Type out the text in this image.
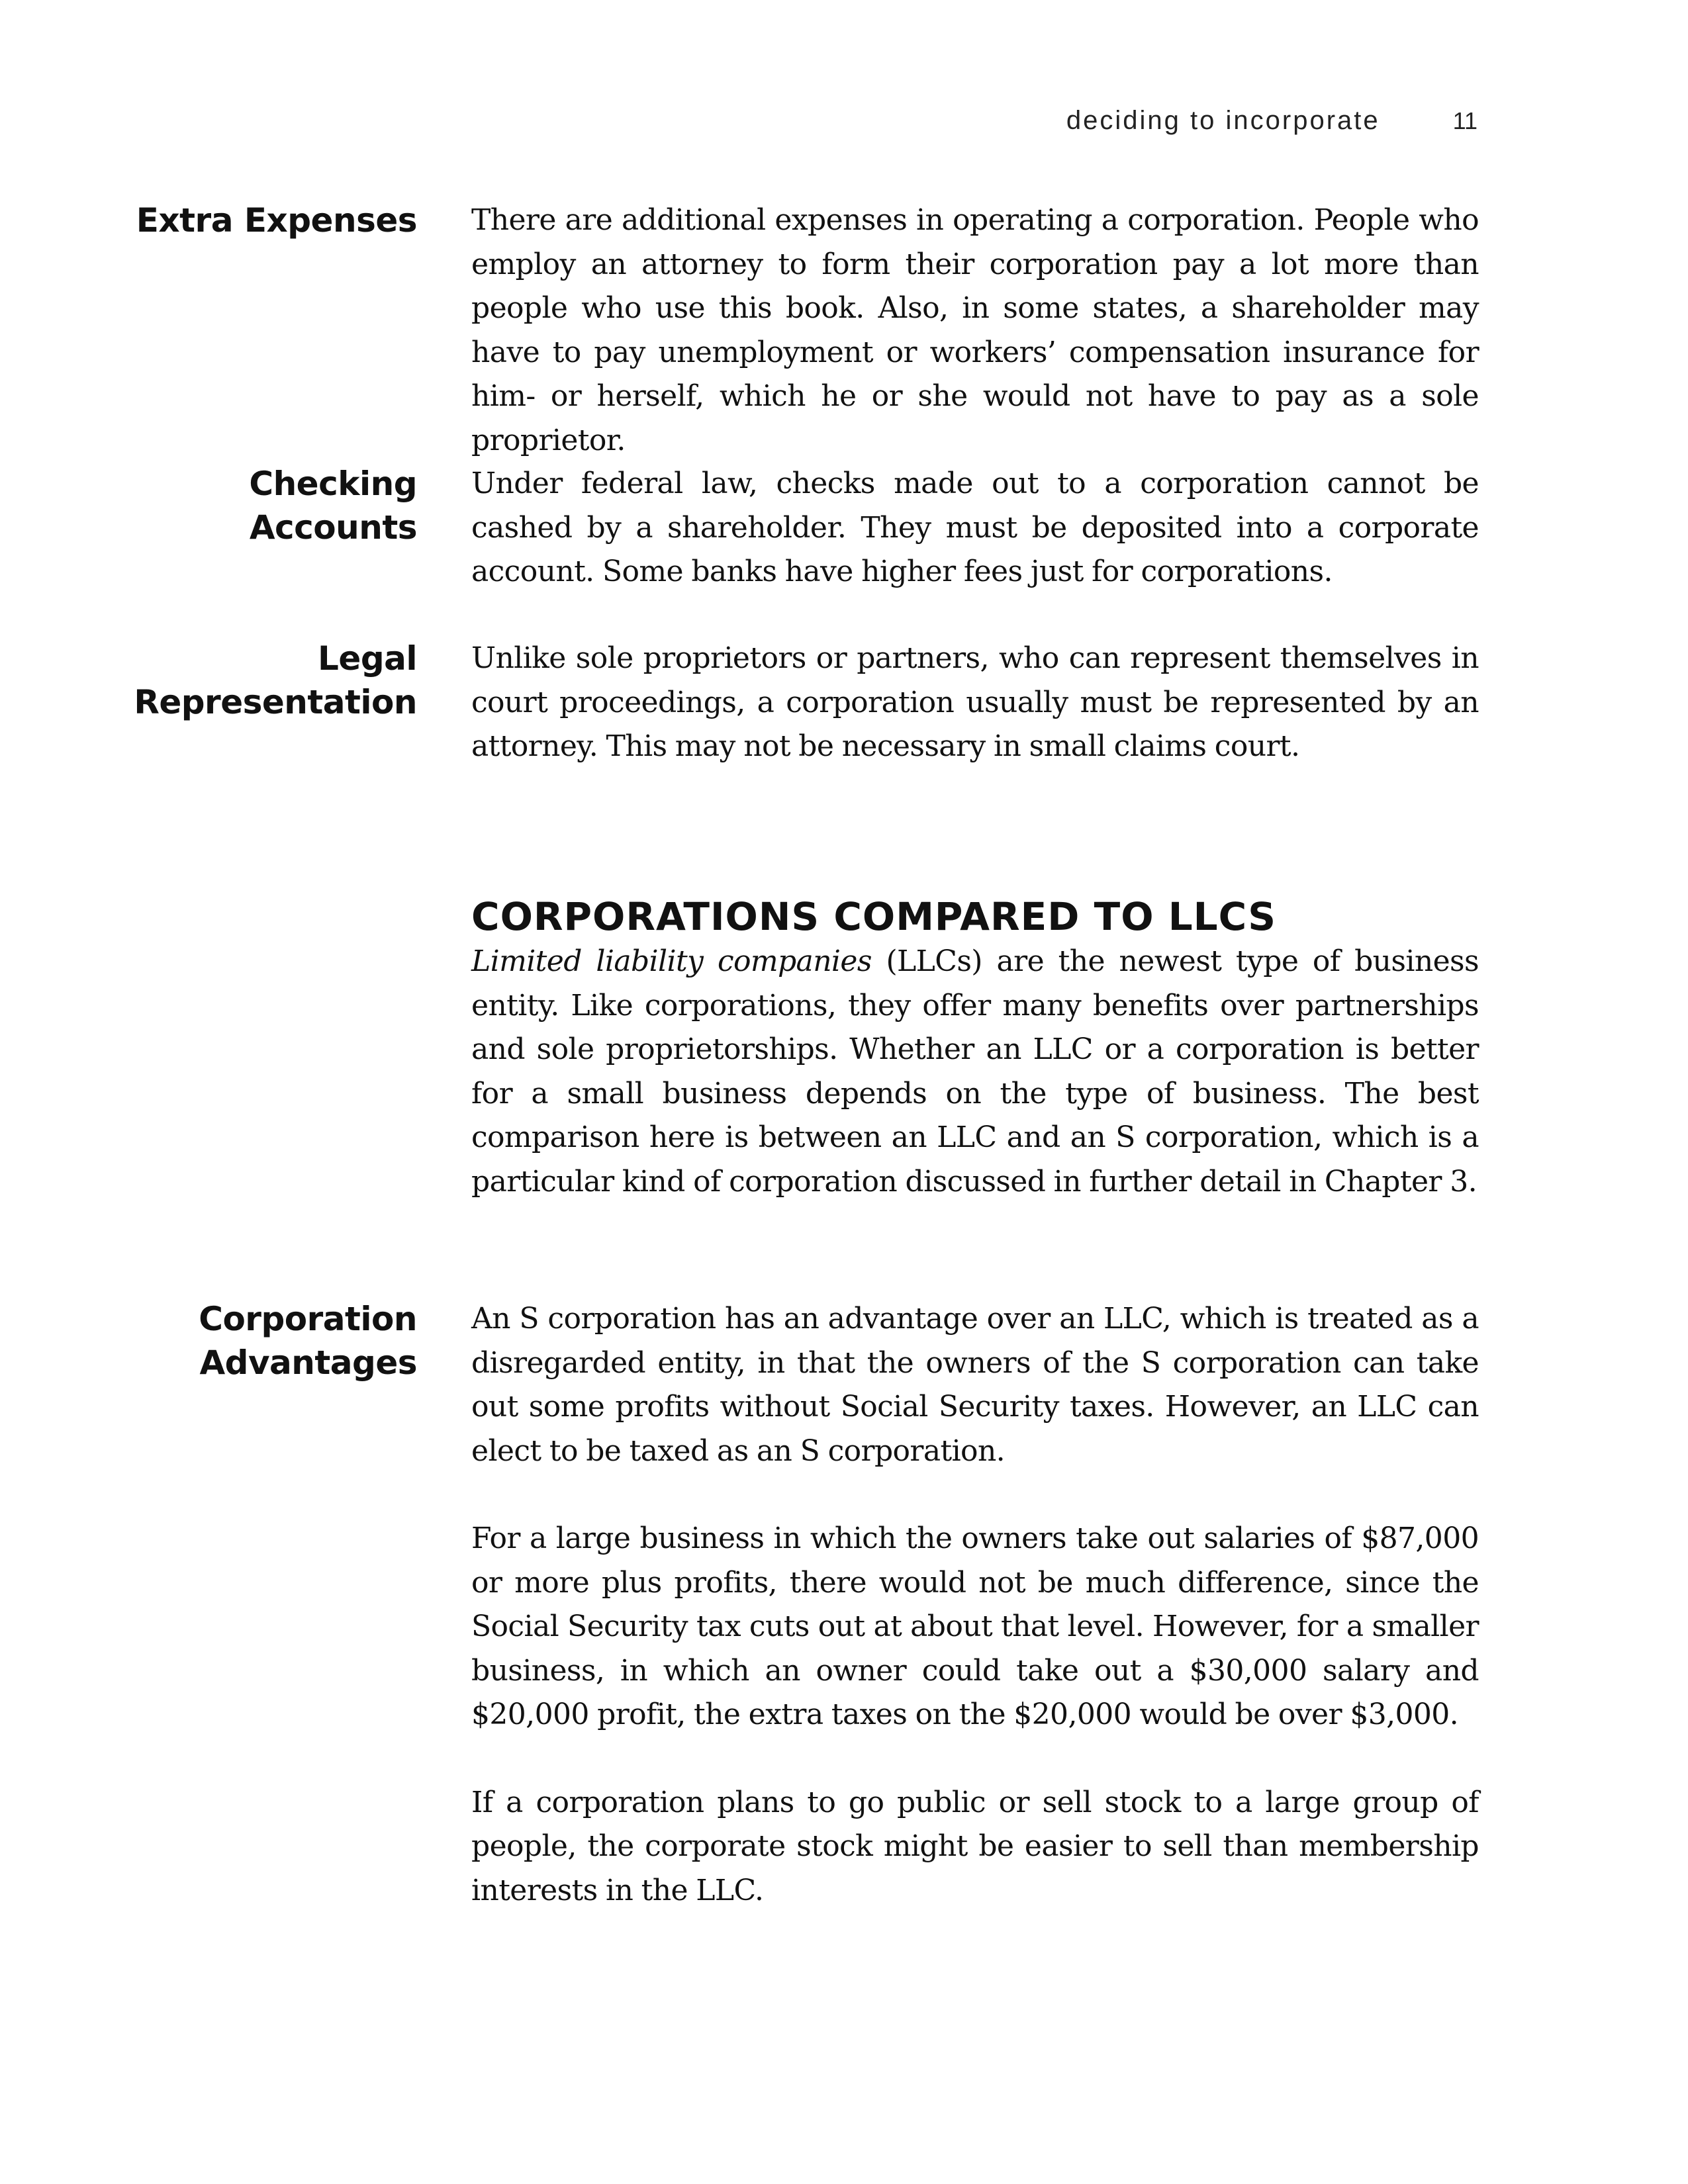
deciding to incorporate	11
Extra Expenses There are additional expenses in operating a corporation. People who employ an attorney to form their corporation pay a lot more than people who use this book. Also, in some states, a shareholder may have to pay unemployment or workers’ compensation insurance for him- or herself, which he or she would not have to pay as a sole proprietor.

Checking
Accounts

Under federal law, checks made out to a corporation cannot be cashed by a shareholder. They must be deposited into a corporate account. Some banks have higher fees just for corporations.

Legal
Representation

Unlike sole proprietors or partners, who can represent themselves in court proceedings, a corporation usually must be represented by an attorney. This may not be necessary in small claims court.

CORPORATIONS COMPARED TO LLCS

Limited liability companies (LLCs) are the newest type of business entity. Like corporations, they offer many benefits over partnerships and sole proprietorships. Whether an LLC or a corporation is better for a small business depends on the type of business. The best comparison here is between an LLC and an S corporation, which is a particular kind of corporation discussed in further detail in Chapter 3.

Corporation
Advantages

An S corporation has an advantage over an LLC, which is treated as a disregarded entity, in that the owners of the S corporation can take out some profits without Social Security taxes. However, an LLC can elect to be taxed as an S corporation.

For a large business in which the owners take out salaries of $87,000 or more plus profits, there would not be much difference, since the Social Security tax cuts out at about that level. However, for a smaller business, in which an owner could take out a $30,000 salary and $20,000 profit, the extra taxes on the $20,000 would be over $3,000.

If a corporation plans to go public or sell stock to a large group of people, the corporate stock might be easier to sell than membership interests in the LLC.
